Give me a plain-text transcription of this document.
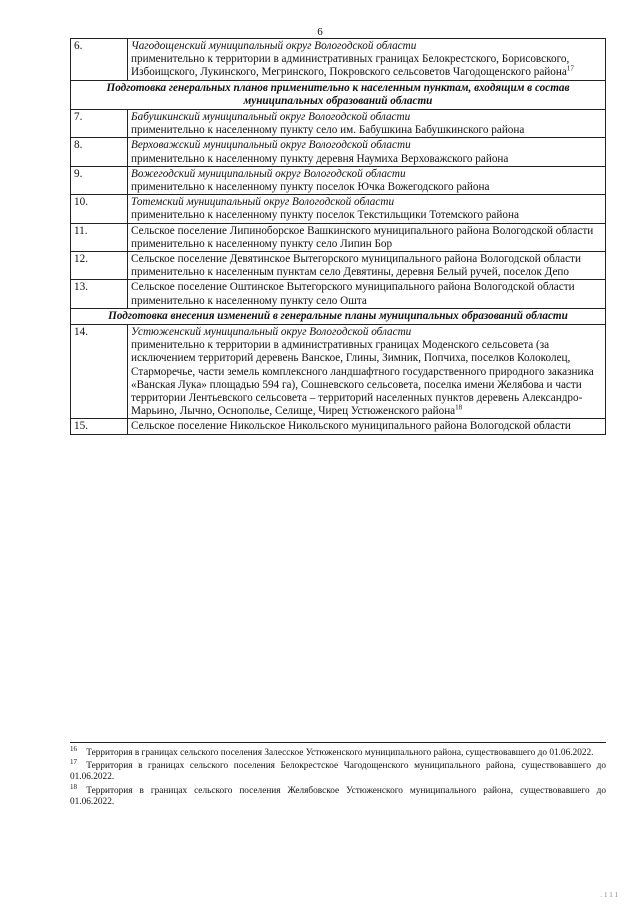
6
6.	Чагодощенский муниципальный округ Вологодской области
применительно к территории в административных границах Белокрестского, Борисовского, Избоищского, Лукинского, Мегринского, Покровского сельсоветов Чагодощенского района$^{17}$
Подготовка генеральных планов применительно к населенным пунктам, входящим в состав муниципальных образований области	
7.	Бабушкинский муниципальный округ Вологодской области
применительно к населенному пункту село им. Бабушкина Бабушкинского района
8.	Верховажский муниципальный округ Вологодской области
применительно к населенному пункту деревня Наумиха Верховажского района
9.	Вожегодский муниципальный округ Вологодской области
применительно к населенному пункту поселок Ючка Вожегодского района
10.	Тотемский муниципальный округ Вологодской области
применительно к населенному пункту поселок Текстильщики Тотемского района
11.	Сельское поселение Липиноборское Вашкинского муниципального района Вологодской области применительно к населенному пункту село Липин Бор
12.	Сельское поселение Девятинское Вытегорского муниципального района Вологодской области применительно к населенным пунктам село Девятины, деревня Белый ручей, поселок Депо
13.	Сельское поселение Оштинское Вытегорского муниципального района Вологодской области применительно к населенному пункту село Ошта
Подготовка внесения изменений в генеральные планы муниципальных образований области	
14.	Устюженский муниципальный округ Вологодской области
применительно к территории в административных границах Моденского сельсовета (за исключением территорий деревень Ванское, Глины, Зимник, Попчиха, поселков Колоколец, Старморечье, части земель комплексного ландшафтного государственного природного заказника «Ванская Лука» площадью 594 га), Сошневского сельсовета, поселка имени Желябова и части территории Лентьевского сельсовета – территорий населенных пунктов деревень Александро-Марьино, Лычно, Оснополье, Селище, Чирец Устюженского района$^{18}$
15.	Сельское поселение Никольское Никольского муниципального района Вологодской области
$^{16}$  Территория в границах сельского поселения Залесское Устюженского муниципального района, существовавшего до 01.06.2022.
$^{17}$  Территория в границах сельского поселения Белокрестское Чагодощенского муниципального района, существовавшего до 01.06.2022.
$^{18}$  Территория в границах сельского поселения Желябовское Устюженского муниципального района, существовавшего до 01.06.2022.
.111
